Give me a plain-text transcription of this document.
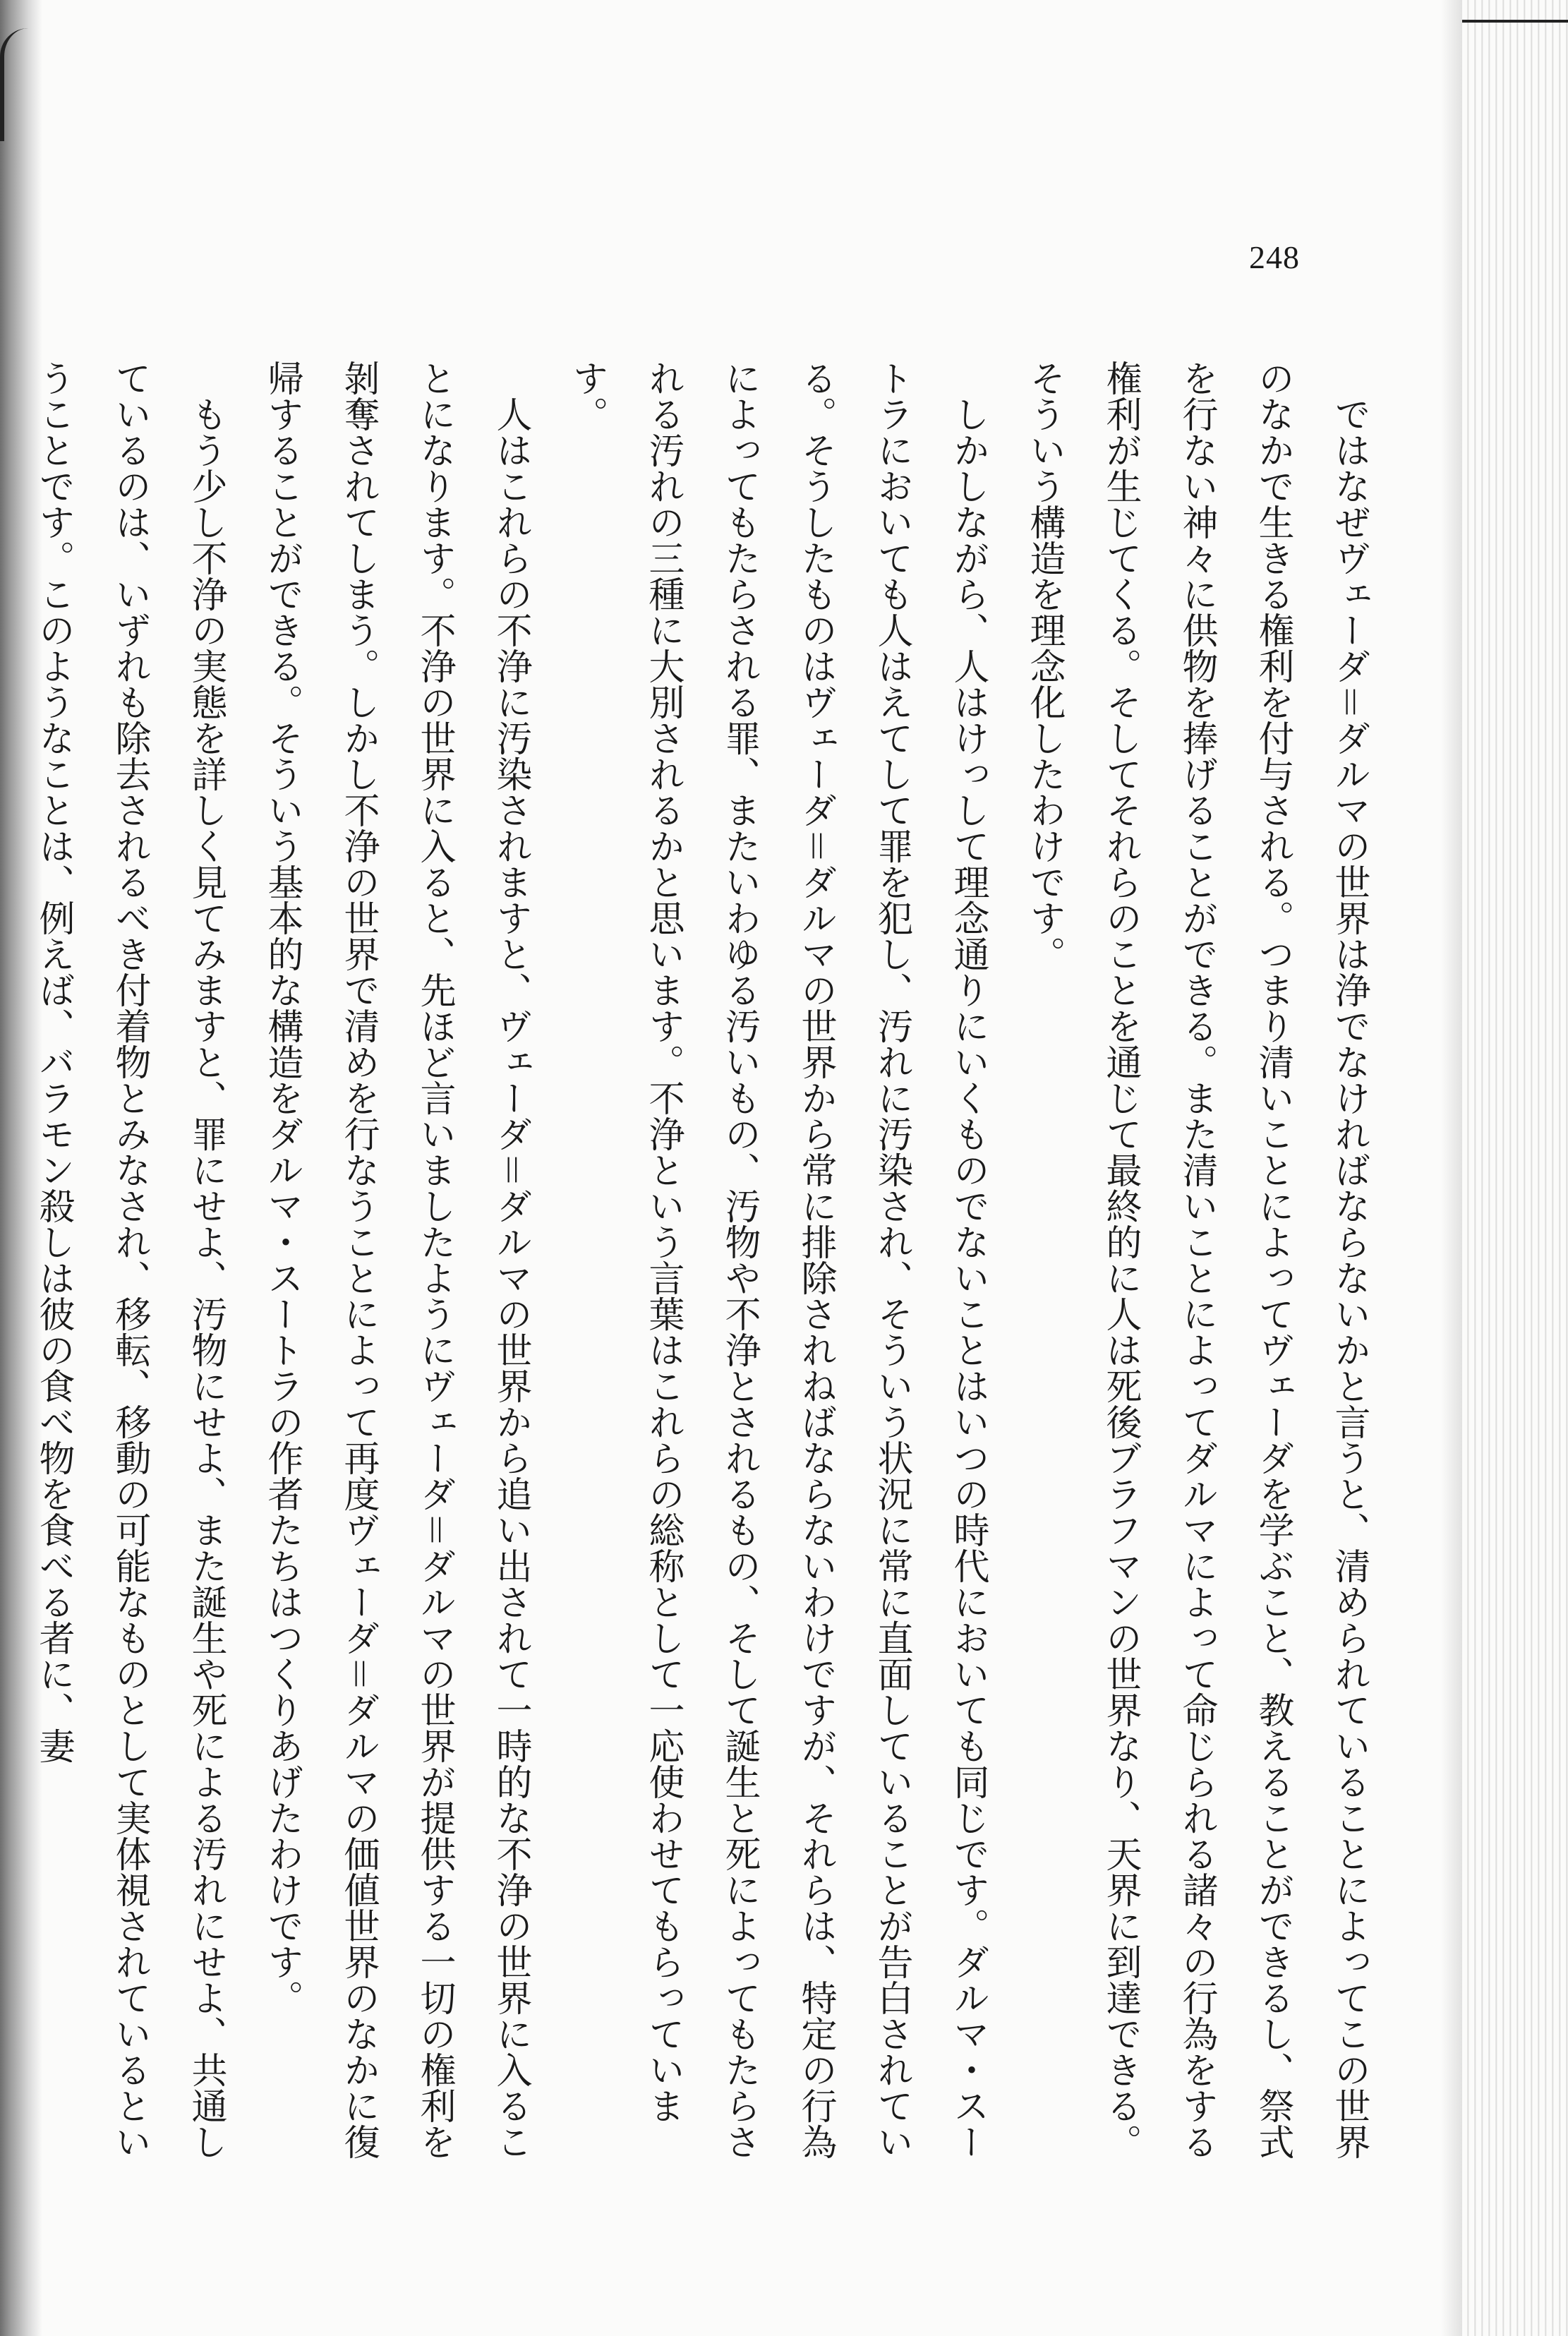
248

ではなぜヴェーダ＝ダルマの世界は浄でなければならないかと言うと、清められていることによってこの世界のなかで生きる権利を付与される。つまり清いことによってヴェーダを学ぶこと、教えることができるし、祭式を行ない神々に供物を捧げることができる。また清いことによってダルマによって命じられる諸々の行為をする権利が生じてくる。そしてそれらのことを通じて最終的に人は死後ブラフマンの世界なり、天界に到達できる。そういう構造を理念化したわけです。

しかしながら、人はけっして理念通りにいくものでないことはいつの時代においても同じです。ダルマ・スートラにおいても人はえてして罪を犯し、汚れに汚染され、そういう状況に常に直面していることが告白されている。そうしたものはヴェーダ＝ダルマの世界から常に排除されねばならないわけですが、それらは、特定の行為によってもたらされる罪、またいわゆる汚いもの、汚物や不浄とされるもの、そして誕生と死によってもたらされる汚れの三種に大別されるかと思います。不浄という言葉はこれらの総称として一応使わせてもらっています。

人はこれらの不浄に汚染されますと、ヴェーダ＝ダルマの世界から追い出されて一時的な不浄の世界に入ることになります。不浄の世界に入ると、先ほど言いましたようにヴェーダ＝ダルマの世界が提供する一切の権利を剝奪されてしまう。しかし不浄の世界で清めを行なうことによって再度ヴェーダ＝ダルマの価値世界のなかに復帰することができる。そういう基本的な構造をダルマ・スートラの作者たちはつくりあげたわけです。

もう少し不浄の実態を詳しく見てみますと、罪にせよ、汚物にせよ、また誕生や死による汚れにせよ、共通しているのは、いずれも除去されるべき付着物とみなされ、移転、移動の可能なものとして実体視されているということです。このようなことは、例えば、バラモン殺しは彼の食べ物を食べる者に、妻
